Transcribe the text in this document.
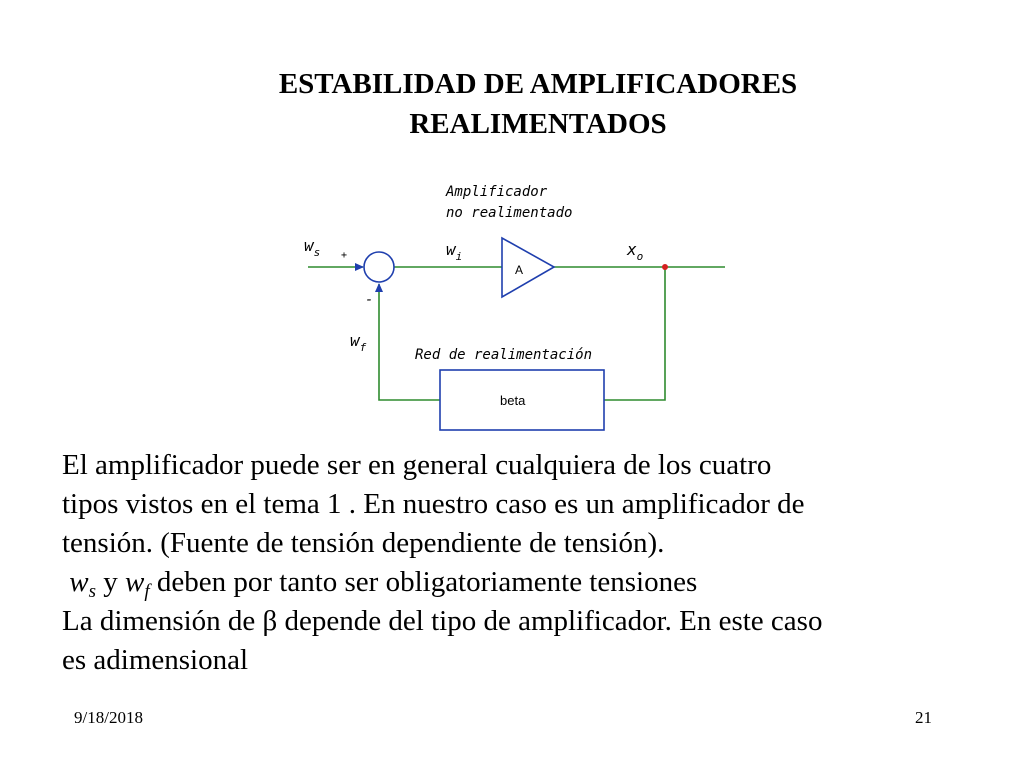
ESTABILIDAD DE AMPLIFICADORES
REALIMENTADOS
Amplificador
no realimentado
$w_s$ +
-
$w_i$
A
$x_o$
$w_f$	Red de realimentación
beta

El amplificador puede ser en general cualquiera de los cuatro

tipos vistos en el tema 1 . En nuestro caso es un amplificador de

tensión. (Fuente de tensión dependiente de tensión).

$w_s$ y $w_f$ deben por tanto ser obligatoriamente tensiones

La dimensión de β depende del tipo de amplificador. En este caso

es adimensional

9/18/2018	21
